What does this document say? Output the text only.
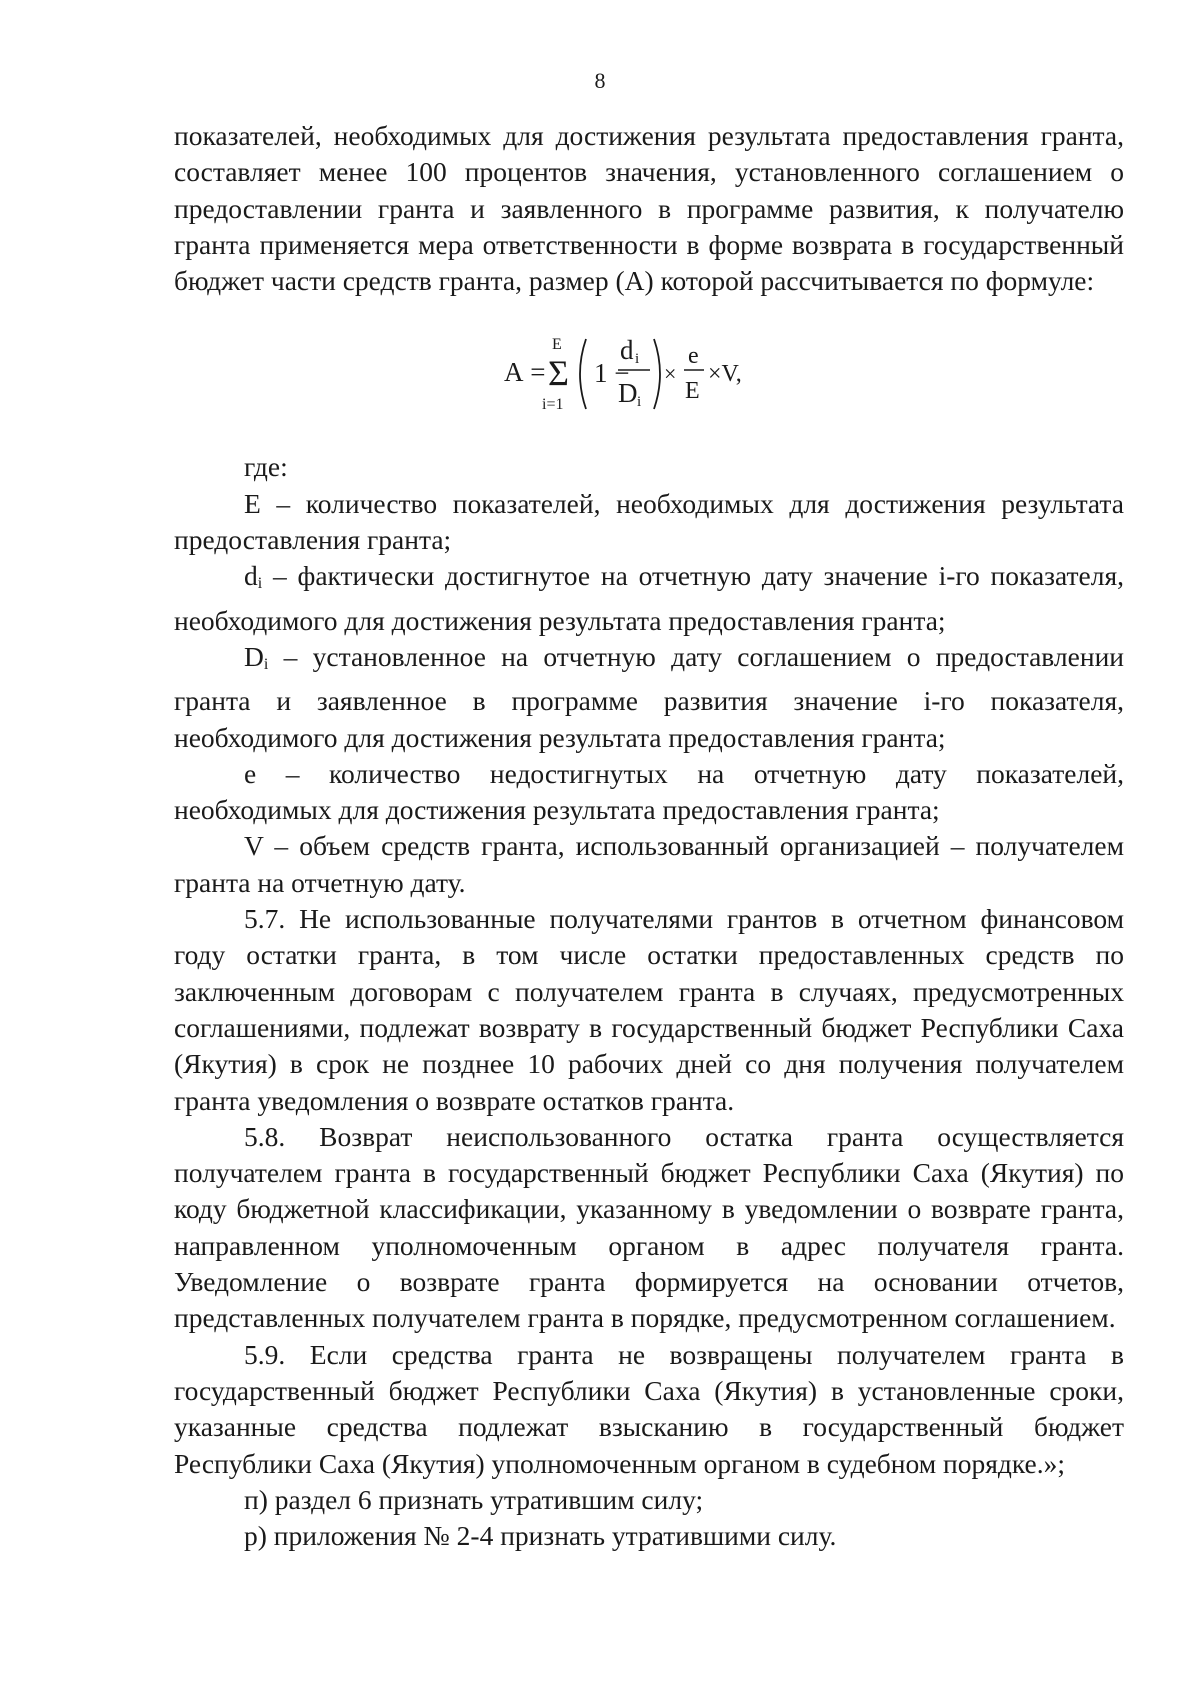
8

показателей, необходимых для достижения результата предоставления гранта, составляет менее 100 процентов значения, установленного соглашением о предоставлении гранта и заявленного в программе развития, к получателю гранта применяется мера ответственности в форме возврата в государственный бюджет части средств гранта, размер (А) которой рассчитывается по формуле:

А =
E
Σ
i=1
1 −
d i
D i
×
e
E
×V,

где:

E – количество показателей, необходимых для достижения результата предоставления гранта;

$d_i$ – фактически достигнутое на отчетную дату значение i-го показателя, необходимого для достижения результата предоставления гранта;

$D_i$ – установленное на отчетную дату соглашением о предоставлении гранта и заявленное в программе развития значение i-го показателя, необходимого для достижения результата предоставления гранта;

e – количество недостигнутых на отчетную дату показателей, необходимых для достижения результата предоставления гранта;

V – объем средств гранта, использованный организацией – получателем гранта на отчетную дату.

5.7. Не использованные получателями грантов в отчетном финансовом году остатки гранта, в том числе остатки предоставленных средств по заключенным договорам с получателем гранта в случаях, предусмотренных соглашениями, подлежат возврату в государственный бюджет Республики Саха (Якутия) в срок не позднее 10 рабочих дней со дня получения получателем гранта уведомления о возврате остатков гранта.

5.8. Возврат неиспользованного остатка гранта осуществляется получателем гранта в государственный бюджет Республики Саха (Якутия) по коду бюджетной классификации, указанному в уведомлении о возврате гранта, направленном уполномоченным органом в адрес получателя гранта. Уведомление о возврате гранта формируется на основании отчетов, представленных получателем гранта в порядке, предусмотренном соглашением.

5.9. Если средства гранта не возвращены получателем гранта в государственный бюджет Республики Саха (Якутия) в установленные сроки, указанные средства подлежат взысканию в государственный бюджет Республики Саха (Якутия) уполномоченным органом в судебном порядке.»;

п) раздел 6 признать утратившим силу;

р) приложения № 2-4 признать утратившими силу.
